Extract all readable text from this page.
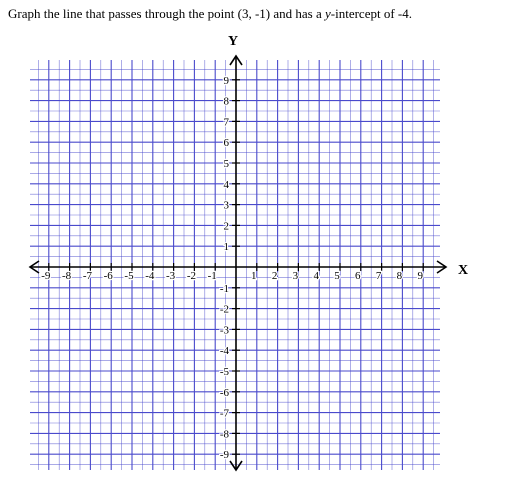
Graph the line that passes through the point (3, -1) and has a y-intercept of -4.

-9 -8 -7 -6 -5 -4 -3 -2 -1	1 2 3 4 5 6 7 8 9
9
8
7
6
5
4
3
2
1
-1
-2
-3
-4
-5
-6
-7
-8
-9
Y
X
